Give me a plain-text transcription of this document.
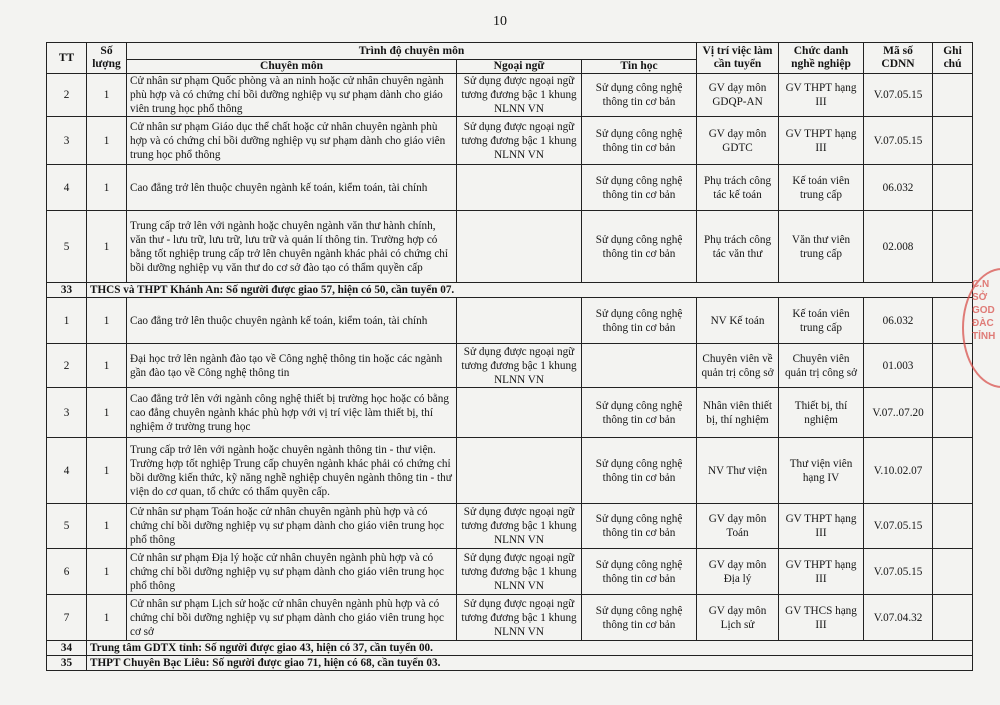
10
TT	Số lượng	Trình độ chuyên môn			Vị trí việc làm cần tuyển	Chức danh nghề nghiệp	Mã số CDNN	Ghi chú
		Chuyên môn	Ngoại ngữ	Tin học				
2	1	Cử nhân sư phạm Quốc phòng và an ninh hoặc cử nhân chuyên ngành phù hợp và có chứng chỉ bồi dưỡng nghiệp vụ sư phạm dành cho giáo viên trung học phổ thông	Sử dụng được ngoại ngữ tương đương bậc 1 khung NLNN VN	Sử dụng công nghệ thông tin cơ bản	GV dạy môn GDQP-AN	GV THPT hạng III	V.07.05.15	
3	1	Cử nhân sư phạm Giáo dục thể chất hoặc cử nhân chuyên ngành phù hợp và có chứng chỉ bồi dưỡng nghiệp vụ sư phạm dành cho giáo viên trung học phổ thông	Sử dụng được ngoại ngữ tương đương bậc 1 khung NLNN VN	Sử dụng công nghệ thông tin cơ bản	GV dạy môn GDTC	GV THPT hạng III	V.07.05.15	
4	1	Cao đẳng trở lên thuộc chuyên ngành kế toán, kiểm toán, tài chính		Sử dụng công nghệ thông tin cơ bản	Phụ trách công tác kế toán	Kế toán viên trung cấp	06.032	
5	1	Trung cấp trở lên với ngành hoặc chuyên ngành văn thư hành chính, văn thư - lưu trữ, lưu trữ, lưu trữ và quản lí thông tin. Trường hợp có bằng tốt nghiệp trung cấp trở lên chuyên ngành khác phải có chứng chỉ bồi dưỡng nghiệp vụ văn thư do cơ sở đào tạo có thẩm quyền cấp		Sử dụng công nghệ thông tin cơ bản	Phụ trách công tác văn thư	Văn thư viên trung cấp	02.008	
33	THCS và THPT Khánh An: Số người được giao 57, hiện có 50, cần tuyển 07.							
1	1	Cao đẳng trở lên thuộc chuyên ngành kế toán, kiểm toán, tài chính		Sử dụng công nghệ thông tin cơ bản	NV Kế toán	Kế toán viên trung cấp	06.032	
2	1	Đại học trở lên ngành đào tạo về Công nghệ thông tin hoặc các ngành gần đào tạo về Công nghệ thông tin	Sử dụng được ngoại ngữ tương đương bậc 1 khung NLNN VN		Chuyên viên về quản trị công sở	Chuyên viên quản trị công sở	01.003	
3	1	Cao đẳng trở lên với ngành công nghệ thiết bị trường học hoặc có bằng cao đẳng chuyên ngành khác phù hợp với vị trí việc làm thiết bị, thí nghiệm ở trường trung học		Sử dụng công nghệ thông tin cơ bản	Nhân viên thiết bị, thí nghiệm	Thiết bị, thí nghiệm	V.07..07.20	
4	1	Trung cấp trở lên với ngành hoặc chuyên ngành thông tin - thư viện. Trường hợp tốt nghiệp Trung cấp chuyên ngành khác phải có chứng chỉ bồi dưỡng kiến thức, kỹ năng nghề nghiệp chuyên ngành thông tin - thư viện do cơ quan, tổ chức có thẩm quyền cấp.		Sử dụng công nghệ thông tin cơ bản	NV Thư viện	Thư viện viên hạng IV	V.10.02.07	
5	1	Cử nhân sư phạm Toán hoặc cử nhân chuyên ngành phù hợp và có chứng chỉ bồi dưỡng nghiệp vụ sư phạm dành cho giáo viên trung học phổ thông	Sử dụng được ngoại ngữ tương đương bậc 1 khung NLNN VN	Sử dụng công nghệ thông tin cơ bản	GV dạy môn Toán	GV THPT hạng III	V.07.05.15	
6	1	Cử nhân sư phạm Địa lý hoặc cử nhân chuyên ngành phù hợp và có chứng chỉ bồi dưỡng nghiệp vụ sư phạm dành cho giáo viên trung học phổ thông	Sử dụng được ngoại ngữ tương đương bậc 1 khung NLNN VN	Sử dụng công nghệ thông tin cơ bản	GV dạy môn Địa lý	GV THPT hạng III	V.07.05.15	
7	1	Cử nhân sư phạm Lịch sử hoặc cử nhân chuyên ngành phù hợp và có chứng chỉ bồi dưỡng nghiệp vụ sư phạm dành cho giáo viên trung học cơ sở	Sử dụng được ngoại ngữ tương đương bậc 1 khung NLNN VN	Sử dụng công nghệ thông tin cơ bản	GV dạy môn Lịch sử	GV THCS hạng III	V.07.04.32	
34	Trung tâm GDTX tỉnh: Số người được giao 43, hiện có 37, cần tuyển 00.							
35	THPT Chuyên Bạc Liêu: Số người được giao 71, hiện có 68, cần tuyển 03.							
C.N
SỞ
GOD
ĐÀC
TỈNH
